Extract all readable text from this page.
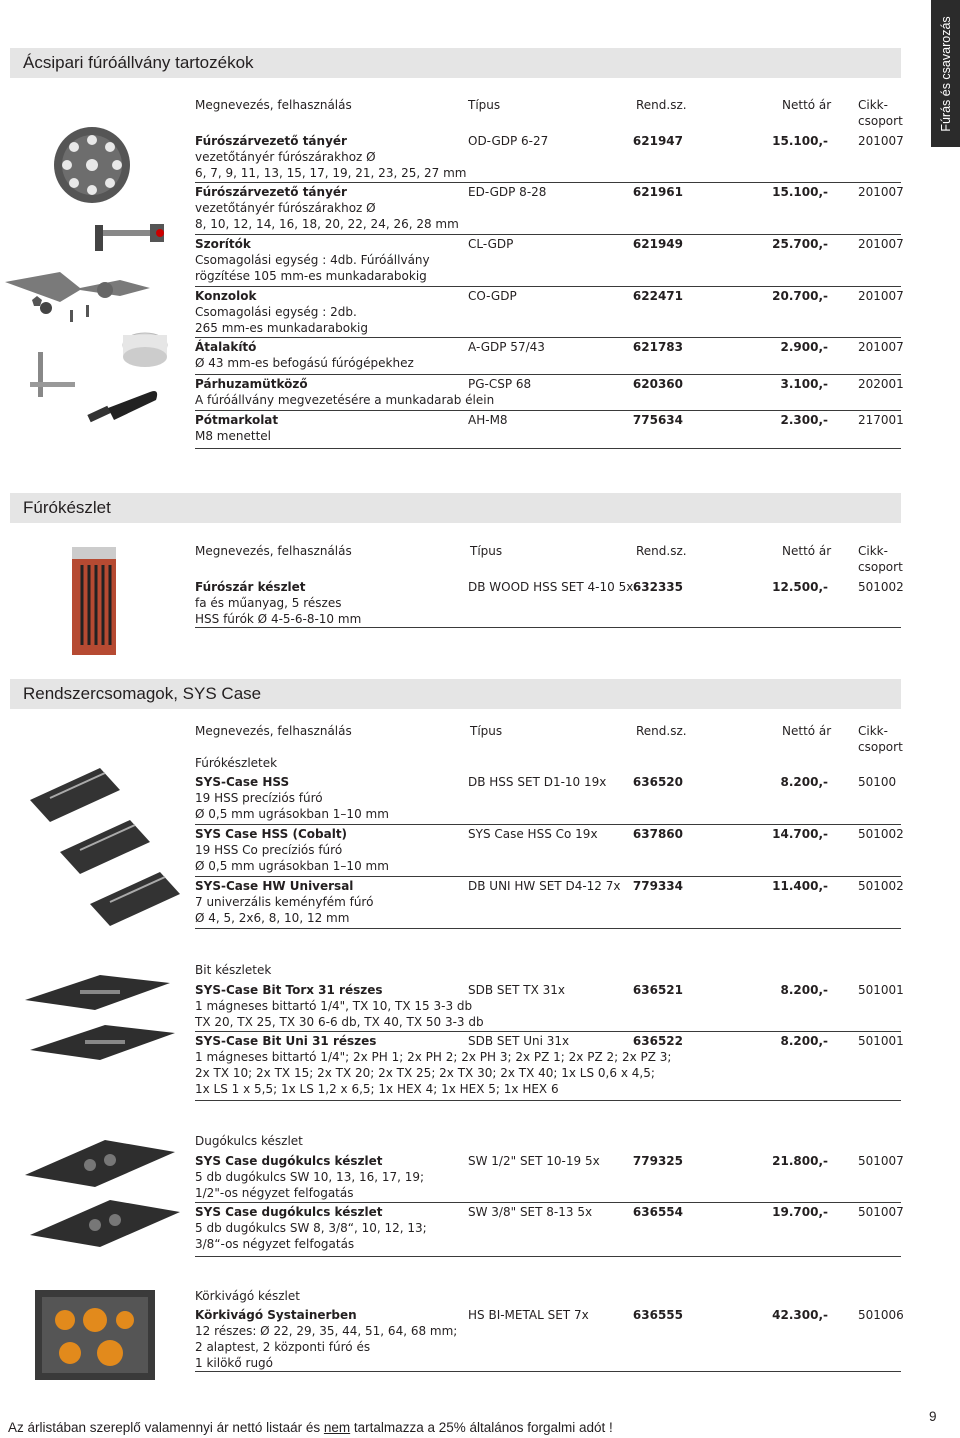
Fúrás és csavarozás
Ácsipari fúróállvány tartozékok
Fúrókészlet
Rendszercsomagok, SYS Case
Megnevezés, felhasználás	Típus	Rend.sz.	Nettó ár Cikk-
csoport
Megnevezés, felhasználás	Típus	Rend.sz.	Nettó ár Cikk-
csoport
Megnevezés, felhasználás	Típus	Rend.sz.	Nettó ár Cikk-
csoport
Fúrószárvezető tányér
vezetőtányér fúrószárakhoz Ø
6, 7, 9, 11, 13, 15, 17, 19, 21, 23, 25, 27 mm
OD-GDP 6-27	621947	15.100,-	201007
Fúrószárvezető tányér
vezetőtányér fúrószárakhoz Ø
8, 10, 12, 14, 16, 18, 20, 22, 24, 26, 28 mm
ED-GDP 8-28	621961	15.100,-	201007
Szorítók
Csomagolási egység : 4db. Fúróállvány
rögzítése 105 mm-es munkadarabokig
CL-GDP	621949	25.700,-	201007
Konzolok
Csomagolási egység : 2db.
265 mm-es munkadarabokig
CO-GDP	622471	20.700,-	201007
Átalakító
Ø 43 mm-es befogású fúrógépekhez
A-GDP 57/43	621783	2.900,-	201007
Párhuzamütköző
A fúróállvány megvezetésére a munkadarab élein
PG-CSP 68	620360	3.100,-	202001
Pótmarkolat
M8 menettel
AH-M8	775634	2.300,-	217001
Fúrószár készlet
fa és műanyag, 5 részes
HSS fúrók Ø 4-5-6-8-10 mm
DB WOOD HSS SET 4-10 5x 632335	12.500,-	501002
Fúrókészletek
SYS-Case HSS
19 HSS precíziós fúró
Ø 0,5 mm ugrásokban 1–10 mm
DB HSS SET D1-10 19x	636520	8.200,-	50100
SYS Case HSS (Cobalt)
19 HSS Co precíziós fúró
Ø 0,5 mm ugrásokban 1–10 mm
SYS Case HSS Co 19x	637860	14.700,-	501002
SYS-Case HW Universal
7 univerzális keményfém fúró
Ø 4, 5, 2x6, 8, 10, 12 mm
DB UNI HW SET D4-12 7x	779334	11.400,-	501002
Bit készletek
SYS-Case Bit Torx 31 részes
1 mágneses bittartó 1/4", TX 10, TX 15 3-3 db
TX 20, TX 25, TX 30 6-6 db, TX 40, TX 50 3-3 db
SDB SET TX 31x	636521	8.200,-	501001
SYS-Case Bit Uni 31 részes
1 mágneses bittartó 1/4"; 2x PH 1; 2x PH 2; 2x PH 3; 2x PZ 1; 2x PZ 2; 2x PZ 3;
2x TX 10; 2x TX 15; 2x TX 20; 2x TX 25; 2x TX 30; 2x TX 40; 1x LS 0,6 x 4,5;
1x LS 1 x 5,5; 1x LS 1,2 x 6,5; 1x HEX 4; 1x HEX 5; 1x HEX 6
SDB SET Uni 31x	636522	8.200,-	501001
Dugókulcs készlet
SYS Case dugókulcs készlet
5 db dugókulcs SW 10, 13, 16, 17, 19;
1/2"-os négyzet felfogatás
SW 1/2" SET 10-19 5x	779325	21.800,-	501007
SYS Case dugókulcs készlet
5 db dugókulcs SW 8, 3/8“, 10, 12, 13;
3/8“-os négyzet felfogatás
SW 3/8" SET 8-13 5x	636554	19.700,-	501007
Körkivágó készlet
Körkivágó Systainerben
12 részes: Ø 22, 29, 35, 44, 51, 64, 68 mm;
2 alaptest, 2 központi fúró és
1 kilökő rugó
HS BI-METAL SET 7x	636555	42.300,-	501006
Az árlistában szereplő valamennyi ár nettó listaár és nem tartalmazza a 25% általános forgalmi adót !
9
